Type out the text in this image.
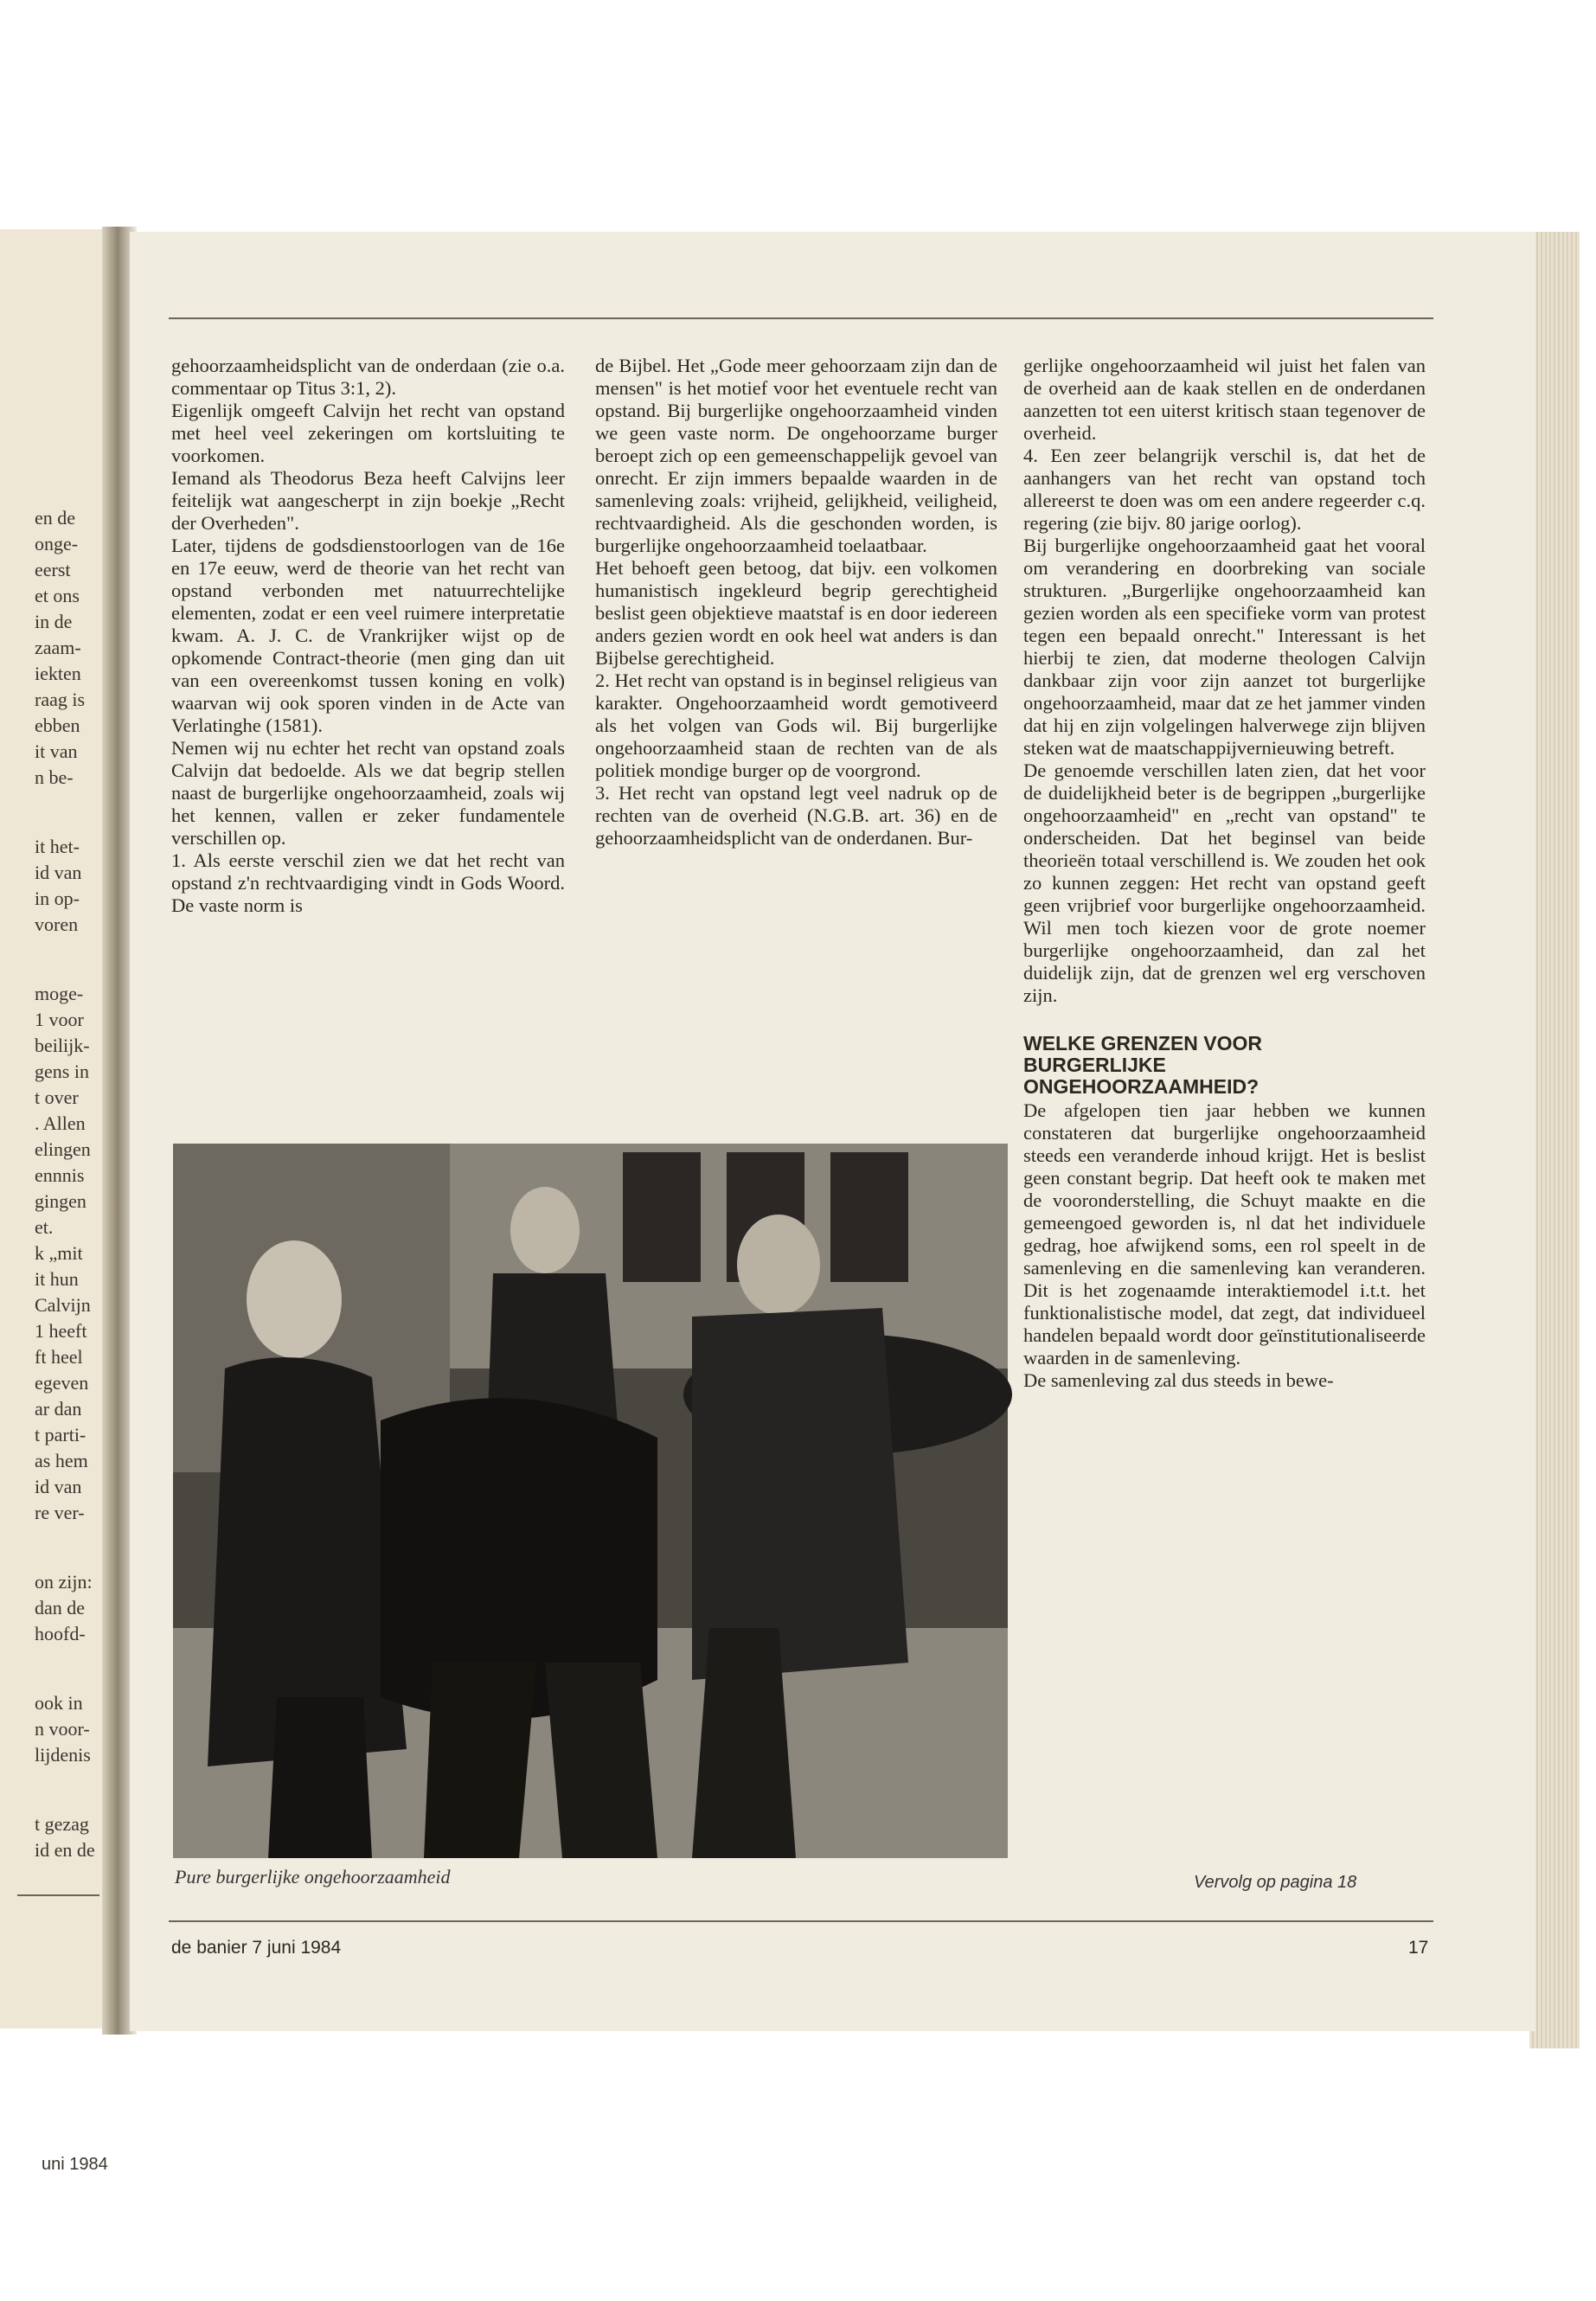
en de
onge-
eerst
et ons
in de
zaam-
iekten
raag is
ebben
it van
n be-
it het-
id van
in op-
voren
moge-
1 voor
beilijk-
gens in
t over
. Allen
elingen
ennnis
gingen
et.
k „mit
it hun
Calvijn
1 heeft
ft heel
egeven
ar dan
t parti-
as hem
id van
re ver-
on zijn:
dan de
hoofd-
ook in
n voor-
lijdenis
t gezag
id en de
uni 1984

gehoorzaamheidsplicht van de onderdaan (zie o.a. commentaar op Titus 3:1, 2).

Eigenlijk omgeeft Calvijn het recht van opstand met heel veel zekeringen om kortsluiting te voorkomen.

Iemand als Theodorus Beza heeft Calvijns leer feitelijk wat aangescherpt in zijn boekje „Recht der Overheden".

Later, tijdens de godsdienstoorlogen van de 16e en 17e eeuw, werd de theorie van het recht van opstand verbonden met natuurrechtelijke elementen, zodat er een veel ruimere interpretatie kwam. A. J. C. de Vrankrijker wijst op de opkomende Contract-theorie (men ging dan uit van een overeenkomst tussen koning en volk) waarvan wij ook sporen vinden in de Acte van Verlatinghe (1581).

Nemen wij nu echter het recht van opstand zoals Calvijn dat bedoelde. Als we dat begrip stellen naast de burgerlijke ongehoorzaamheid, zoals wij het kennen, vallen er zeker fundamentele verschillen op.

1. Als eerste verschil zien we dat het recht van opstand z'n rechtvaardiging vindt in Gods Woord. De vaste norm is

de Bijbel. Het „Gode meer gehoorzaam zijn dan de mensen" is het motief voor het eventuele recht van opstand. Bij burgerlijke ongehoorzaamheid vinden we geen vaste norm. De ongehoorzame burger beroept zich op een gemeenschappelijk gevoel van onrecht. Er zijn immers bepaalde waarden in de samenleving zoals: vrijheid, gelijkheid, veiligheid, rechtvaardigheid. Als die geschonden worden, is burgerlijke ongehoorzaamheid toelaatbaar.

Het behoeft geen betoog, dat bijv. een volkomen humanistisch ingekleurd begrip gerechtigheid beslist geen objektieve maatstaf is en door iedereen anders gezien wordt en ook heel wat anders is dan Bijbelse gerechtigheid.

2. Het recht van opstand is in beginsel religieus van karakter. Ongehoorzaamheid wordt gemotiveerd als het volgen van Gods wil. Bij burgerlijke ongehoorzaamheid staan de rechten van de als politiek mondige burger op de voorgrond.

3. Het recht van opstand legt veel nadruk op de rechten van de overheid (N.G.B. art. 36) en de gehoorzaamheidsplicht van de onderdanen. Bur-

gerlijke ongehoorzaamheid wil juist het falen van de overheid aan de kaak stellen en de onderdanen aanzetten tot een uiterst kritisch staan tegenover de overheid.

4. Een zeer belangrijk verschil is, dat het de aanhangers van het recht van opstand toch allereerst te doen was om een andere regeerder c.q. regering (zie bijv. 80 jarige oorlog).

Bij burgerlijke ongehoorzaamheid gaat het vooral om verandering en doorbreking van sociale strukturen. „Burgerlijke ongehoorzaamheid kan gezien worden als een specifieke vorm van protest tegen een bepaald onrecht." Interessant is het hierbij te zien, dat moderne theologen Calvijn dankbaar zijn voor zijn aanzet tot burgerlijke ongehoorzaamheid, maar dat ze het jammer vinden dat hij en zijn volgelingen halverwege zijn blijven steken wat de maatschappijvernieuwing betreft.

De genoemde verschillen laten zien, dat het voor de duidelijkheid beter is de begrippen „burgerlijke ongehoorzaamheid" en „recht van opstand" te onderscheiden. Dat het beginsel van beide theorieën totaal verschillend is. We zouden het ook zo kunnen zeggen: Het recht van opstand geeft geen vrijbrief voor burgerlijke ongehoorzaamheid. Wil men toch kiezen voor de grote noemer burgerlijke ongehoorzaamheid, dan zal het duidelijk zijn, dat de grenzen wel erg verschoven zijn.

WELKE GRENZEN VOOR
BURGERLIJKE
ONGEHOORZAAMHEID?

De afgelopen tien jaar hebben we kunnen constateren dat burgerlijke ongehoorzaamheid steeds een veranderde inhoud krijgt. Het is beslist geen constant begrip. Dat heeft ook te maken met de vooronderstelling, die Schuyt maakte en die gemeengoed geworden is, nl dat het individuele gedrag, hoe afwijkend soms, een rol speelt in de samenleving en die samenleving kan veranderen. Dit is het zogenaamde interaktiemodel i.t.t. het funktionalistische model, dat zegt, dat individueel handelen bepaald wordt door geïnstitutionaliseerde waarden in de samenleving.

De samenleving zal dus steeds in bewe-

Pure burgerlijke ongehoorzaamheid	Vervolg op pagina 18
de banier 7 juni 1984	17
